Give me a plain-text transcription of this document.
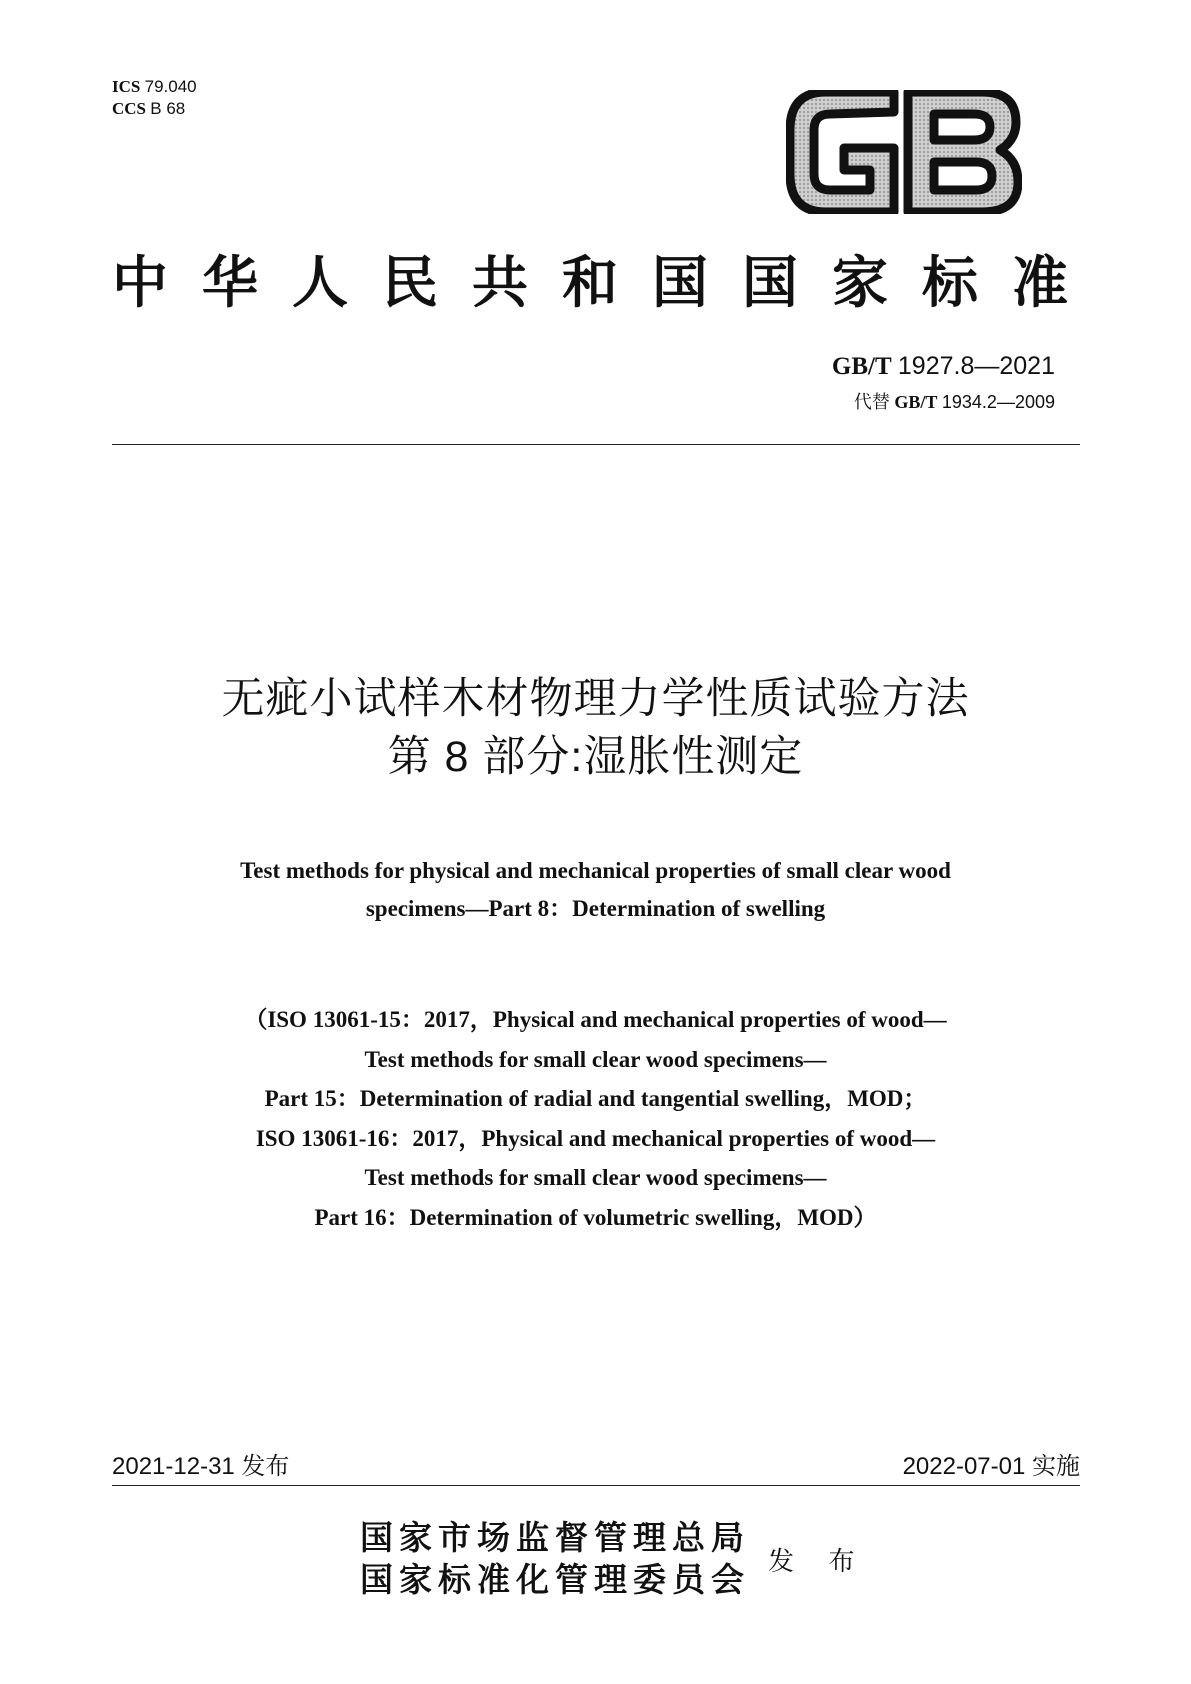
ICS 79.040
CCS B 68
中华人民共和国国家标准
GB/T 1927.8—2021
代替 GB/T 1934.2—2009
无疵小试样木材物理力学性质试验方法
第 8 部分:湿胀性测定
Test methods for physical and mechanical properties of small clear wood
specimens—Part 8：Determination of swelling
（ISO 13061-15：2017，Physical and mechanical properties of wood—
Test methods for small clear wood specimens—
Part 15：Determination of radial and tangential swelling，MOD；
ISO 13061-16：2017，Physical and mechanical properties of wood—
Test methods for small clear wood specimens—
Part 16：Determination of volumetric swelling，MOD）
2021-12-31 发布	2022-07-01 实施
国家市场监督管理总局
国家标准化管理委员会
发 布
